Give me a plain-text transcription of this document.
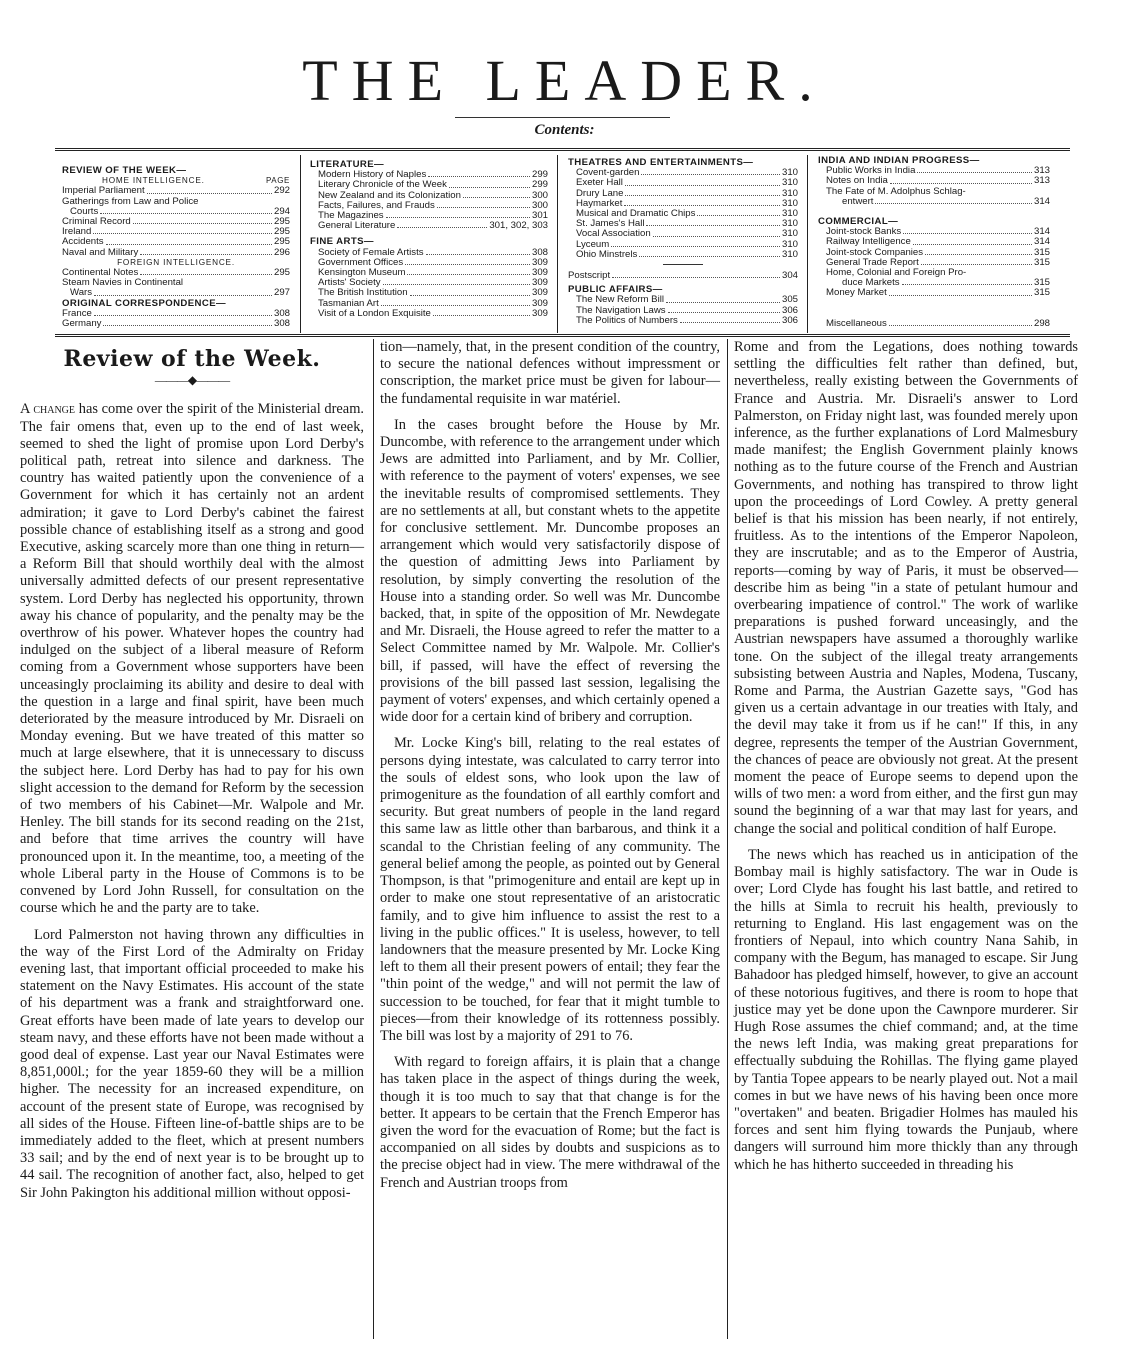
THE LEADER.
Contents:
REVIEW OF THE WEEK—
HOME INTELLIGENCE.	PAGE
Imperial Parliament	292
Gatherings from Law and Police
Courts	294
Criminal Record	295
Ireland	295
Accidents	295
Naval and Military	296
FOREIGN INTELLIGENCE.
Continental Notes	295
Steam Navies in Continental
Wars	297
ORIGINAL CORRESPONDENCE—
France	308
Germany	308
LITERATURE—
Modern History of Naples	299
Literary Chronicle of the Week	299
New Zealand and its Colonization	300
Facts, Failures, and Frauds	300
The Magazines	301
General Literature	301, 302, 303
FINE ARTS—
Society of Female Artists	308
Government Offices	309
Kensington Museum	309
Artists' Society	309
The British Institution	309
Tasmanian Art	309
Visit of a London Exquisite	309
THEATRES AND ENTERTAINMENTS—
Covent-garden	310
Exeter Hall	310
Drury Lane	310
Haymarket	310
Musical and Dramatic Chips	310
St. James's Hall	310
Vocal Association	310
Lyceum	310
Ohio Minstrels	310
Postscript	304
PUBLIC AFFAIRS—
The New Reform Bill	305
The Navigation Laws	306
The Politics of Numbers	306
INDIA AND INDIAN PROGRESS—
Public Works in India	313
Notes on India	313
The Fate of M. Adolphus Schlag-
entwert	314
COMMERCIAL—
Joint-stock Banks	314
Railway Intelligence	314
Joint-stock Companies	315
General Trade Report	315
Home, Colonial and Foreign Pro-
duce Markets	315
Money Market	315
Miscellaneous	298
Review of the Week.
———◆———

A change has come over the spirit of the Ministerial dream. The fair omens that, even up to the end of last week, seemed to shed the light of promise upon Lord Derby's political path, retreat into silence and darkness. The country has waited patiently upon the convenience of a Government for which it has certainly not an ardent admiration; it gave to Lord Derby's cabinet the fairest possible chance of establishing itself as a strong and good Executive, asking scarcely more than one thing in return—a Reform Bill that should worthily deal with the almost universally admitted defects of our present representative system. Lord Derby has neglected his opportunity, thrown away his chance of popularity, and the penalty may be the overthrow of his power. Whatever hopes the country had indulged on the subject of a liberal measure of Reform coming from a Government whose supporters have been unceasingly proclaiming its ability and desire to deal with the question in a large and final spirit, have been much deteriorated by the measure introduced by Mr. Disraeli on Monday evening. But we have treated of this matter so much at large elsewhere, that it is unnecessary to discuss the subject here. Lord Derby has had to pay for his own slight accession to the demand for Reform by the secession of two members of his Cabinet—Mr. Walpole and Mr. Henley. The bill stands for its second reading on the 21st, and before that time arrives the country will have pronounced upon it. In the meantime, too, a meeting of the whole Liberal party in the House of Commons is to be convened by Lord John Russell, for consultation on the course which he and the party are to take.

Lord Palmerston not having thrown any difficulties in the way of the First Lord of the Admiralty on Friday evening last, that important official proceeded to make his statement on the Navy Estimates. His account of the state of his department was a frank and straightforward one. Great efforts have been made of late years to develop our steam navy, and these efforts have not been made without a good deal of expense. Last year our Naval Estimates were 8,851,000l.; for the year 1859-60 they will be a million higher. The necessity for an increased expenditure, on account of the present state of Europe, was recognised by all sides of the House. Fifteen line-of-battle ships are to be immediately added to the fleet, which at present numbers 33 sail; and by the end of next year is to be brought up to 44 sail. The recognition of another fact, also, helped to get Sir John Pakington his additional million without opposi-

tion—namely, that, in the present condition of the country, to secure the national defences without impressment or conscription, the market price must be given for labour—the fundamental requisite in war matériel.

In the cases brought before the House by Mr. Duncombe, with reference to the arrangement under which Jews are admitted into Parliament, and by Mr. Collier, with reference to the payment of voters' expenses, we see the inevitable results of compromised settlements. They are no settlements at all, but constant whets to the appetite for conclusive settlement. Mr. Duncombe proposes an arrangement which would very satisfactorily dispose of the question of admitting Jews into Parliament by resolution, by simply converting the resolution of the House into a standing order. So well was Mr. Duncombe backed, that, in spite of the opposition of Mr. Newdegate and Mr. Disraeli, the House agreed to refer the matter to a Select Committee named by Mr. Walpole. Mr. Collier's bill, if passed, will have the effect of reversing the provisions of the bill passed last session, legalising the payment of voters' expenses, and which certainly opened a wide door for a certain kind of bribery and corruption.

Mr. Locke King's bill, relating to the real estates of persons dying intestate, was calculated to carry terror into the souls of eldest sons, who look upon the law of primogeniture as the foundation of all earthly comfort and security. But great numbers of people in the land regard this same law as little other than barbarous, and think it a scandal to the Christian feeling of any community. The general belief among the people, as pointed out by General Thompson, is that "primogeniture and entail are kept up in order to make one stout representative of an aristocratic family, and to give him influence to assist the rest to a living in the public offices." It is useless, however, to tell landowners that the measure presented by Mr. Locke King left to them all their present powers of entail; they fear the "thin point of the wedge," and will not permit the law of succession to be touched, for fear that it might tumble to pieces—from their knowledge of its rottenness possibly. The bill was lost by a majority of 291 to 76.

With regard to foreign affairs, it is plain that a change has taken place in the aspect of things during the week, though it is too much to say that that change is for the better. It appears to be certain that the French Emperor has given the word for the evacuation of Rome; but the fact is accompanied on all sides by doubts and suspicions as to the precise object had in view. The mere withdrawal of the French and Austrian troops from

Rome and from the Legations, does nothing towards settling the difficulties felt rather than defined, but, nevertheless, really existing between the Governments of France and Austria. Mr. Disraeli's answer to Lord Palmerston, on Friday night last, was founded merely upon inference, as the further explanations of Lord Malmesbury made manifest; the English Government plainly knows nothing as to the future course of the French and Austrian Governments, and nothing has transpired to throw light upon the proceedings of Lord Cowley. A pretty general belief is that his mission has been nearly, if not entirely, fruitless. As to the intentions of the Emperor Napoleon, they are inscrutable; and as to the Emperor of Austria, reports—coming by way of Paris, it must be observed—describe him as being "in a state of petulant humour and overbearing impatience of control." The work of warlike preparations is pushed forward unceasingly, and the Austrian newspapers have assumed a thoroughly warlike tone. On the subject of the illegal treaty arrangements subsisting between Austria and Naples, Modena, Tuscany, Rome and Parma, the Austrian Gazette says, "God has given us a certain advantage in our treaties with Italy, and the devil may take it from us if he can!" If this, in any degree, represents the temper of the Austrian Government, the chances of peace are obviously not great. At the present moment the peace of Europe seems to depend upon the wills of two men: a word from either, and the first gun may sound the beginning of a war that may last for years, and change the social and political condition of half Europe.

The news which has reached us in anticipation of the Bombay mail is highly satisfactory. The war in Oude is over; Lord Clyde has fought his last battle, and retired to the hills at Simla to recruit his health, previously to returning to England. His last engagement was on the frontiers of Nepaul, into which country Nana Sahib, in company with the Begum, has managed to escape. Sir Jung Bahadoor has pledged himself, however, to give an account of these notorious fugitives, and there is room to hope that justice may yet be done upon the Cawnpore murderer. Sir Hugh Rose assumes the chief command; and, at the time the news left India, was making great preparations for effectually subduing the Rohillas. The flying game played by Tantia Topee appears to be nearly played out. Not a mail comes in but we have news of his having been once more "overtaken" and beaten. Brigadier Holmes has mauled his forces and sent him flying towards the Punjaub, where dangers will surround him more thickly than any through which he has hitherto succeeded in threading his
